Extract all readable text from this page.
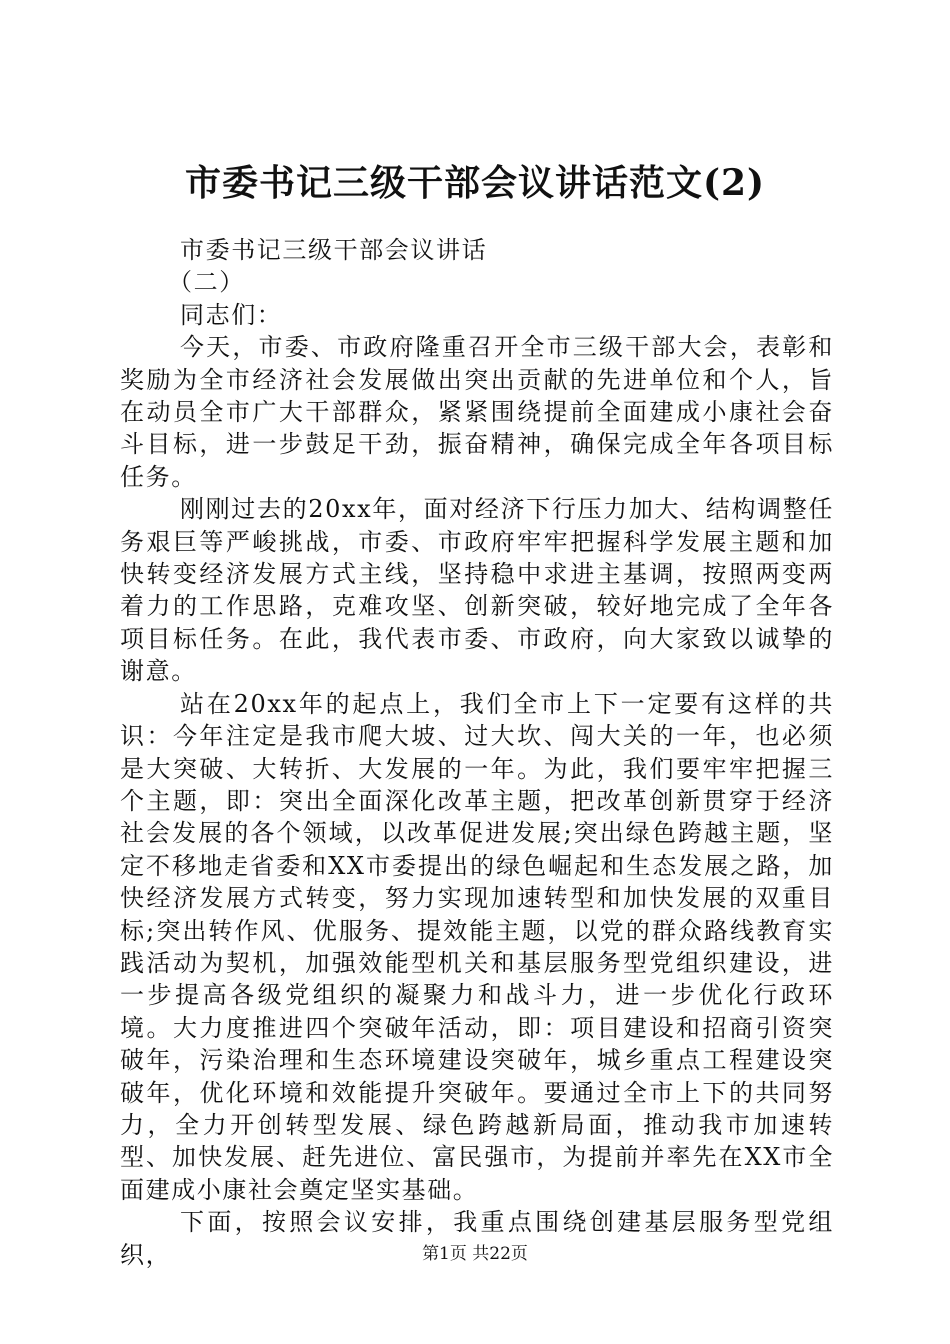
市委书记三级干部会议讲话范文(2)

市委书记三级干部会议讲话

（二）

同志们：

今天，市委、市政府隆重召开全市三级干部大会，表彰和奖励为全市经济社会发展做出突出贡献的先进单位和个人，旨在动员全市广大干部群众，紧紧围绕提前全面建成小康社会奋斗目标，进一步鼓足干劲，振奋精神，确保完成全年各项目标任务。

刚刚过去的20xx年，面对经济下行压力加大、结构调整任务艰巨等严峻挑战，市委、市政府牢牢把握科学发展主题和加快转变经济发展方式主线，坚持稳中求进主基调，按照两变两着力的工作思路，克难攻坚、创新突破，较好地完成了全年各项目标任务。在此，我代表市委、市政府，向大家致以诚挚的谢意。

站在20xx年的起点上，我们全市上下一定要有这样的共识：今年注定是我市爬大坡、过大坎、闯大关的一年，也必须是大突破、大转折、大发展的一年。为此，我们要牢牢把握三个主题，即：突出全面深化改革主题，把改革创新贯穿于经济社会发展的各个领域，以改革促进发展;突出绿色跨越主题，坚定不移地走省委和XX市委提出的绿色崛起和生态发展之路，加快经济发展方式转变，努力实现加速转型和加快发展的双重目标;突出转作风、优服务、提效能主题，以党的群众路线教育实践活动为契机，加强效能型机关和基层服务型党组织建设，进一步提高各级党组织的凝聚力和战斗力，进一步优化行政环境。大力度推进四个突破年活动，即：项目建设和招商引资突破年，污染治理和生态环境建设突破年，城乡重点工程建设突破年，优化环境和效能提升突破年。要通过全市上下的共同努力，全力开创转型发展、绿色跨越新局面，推动我市加速转型、加快发展、赶先进位、富民强市，为提前并率先在XX市全面建成小康社会奠定坚实基础。

下面，按照会议安排，我重点围绕创建基层服务型党组织，	第1页 共22页
